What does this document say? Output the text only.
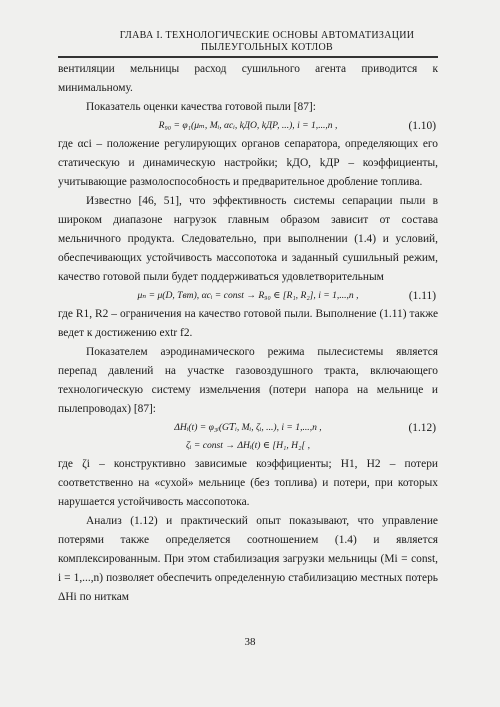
ГЛАВА I. ТЕХНОЛОГИЧЕСКИЕ ОСНОВЫ АВТОМАТИЗАЦИИ
ПЫЛЕУГОЛЬНЫХ КОТЛОВ

вентиляции мельницы расход сушильного агента приводится к минимальному.

Показатель оценки качества готовой пыли [87]:

R₉₀ = φ₁(μₘ, Mᵢ, αcᵢ, kДО, kДР, ...), i = 1,...,n ,	(1.10)

где αci – положение регулирующих органов сепаратора, определяющих его статическую и динамическую настройки; kДО, kДР – коэффициенты, учитывающие размолоспособность и предварительное дробление топлива.

Известно [46, 51], что эффективность системы сепарации пыли в широком диапазоне нагрузок главным образом зависит от состава мельничного продукта. Следовательно, при выполнении (1.4) и условий, обеспечивающих устойчивость массопотока и заданный сушильный режим, качество готовой пыли будет поддерживаться удовлетворительным

μₙ = μ(D, Tвт), αcᵢ = const → R₉₀ ∈ [R₁, R₂], i = 1,...,n ,	(1.11)

где R1, R2 – ограничения на качество готовой пыли. Выполнение (1.11) также ведет к достижению extr f2.

Показателем аэродинамического режима пылесистемы является перепад давлений на участке газовоздушного тракта, включающего технологическую систему измельчения (потери напора на мельнице и пылепроводах) [87]:

ΔHᵢ(t) = φ₃ᵢ(G𝑇ᵢ, Mᵢ, ζᵢ, ...), i = 1,...,n ,	(1.12)
ζᵢ = const → ΔHᵢ(t) ∈ [H₁, H₂[ ,

где ζi – конструктивно зависимые коэффициенты; H1, H2 – потери соответственно на «сухой» мельнице (без топлива) и потери, при которых нарушается устойчивость массопотока.

Анализ (1.12) и практический опыт показывают, что управление потерями также определяется соотношением (1.4) и является комплексированным. При этом стабилизация загрузки мельницы (Mi = const, i = 1,...,n) позволяет обеспечить определенную стабилизацию местных потерь ΔHi по ниткам

38
